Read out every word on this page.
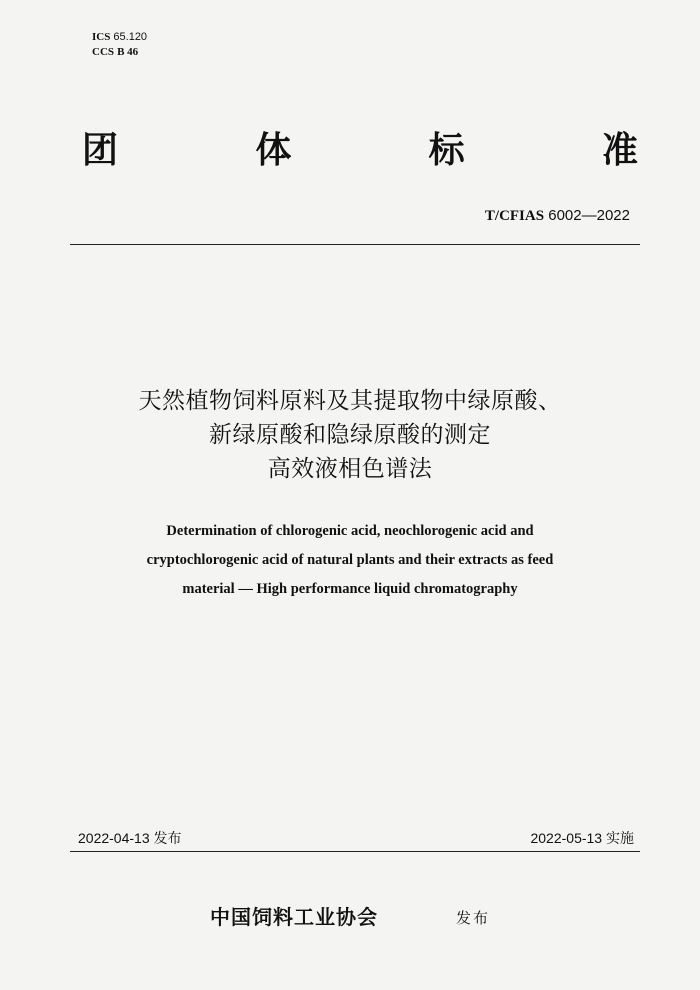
ICS 65.120
CCS B 46
团	体	标	准
T/CFIAS 6002—2022
天然植物饲料原料及其提取物中绿原酸、
新绿原酸和隐绿原酸的测定
高效液相色谱法
Determination of chlorogenic acid, neochlorogenic acid and
cryptochlorogenic acid of natural plants and their extracts as feed
material — High performance liquid chromatography
2022-04-13 发布	2022-05-13 实施
中国饲料工业协会	发布
